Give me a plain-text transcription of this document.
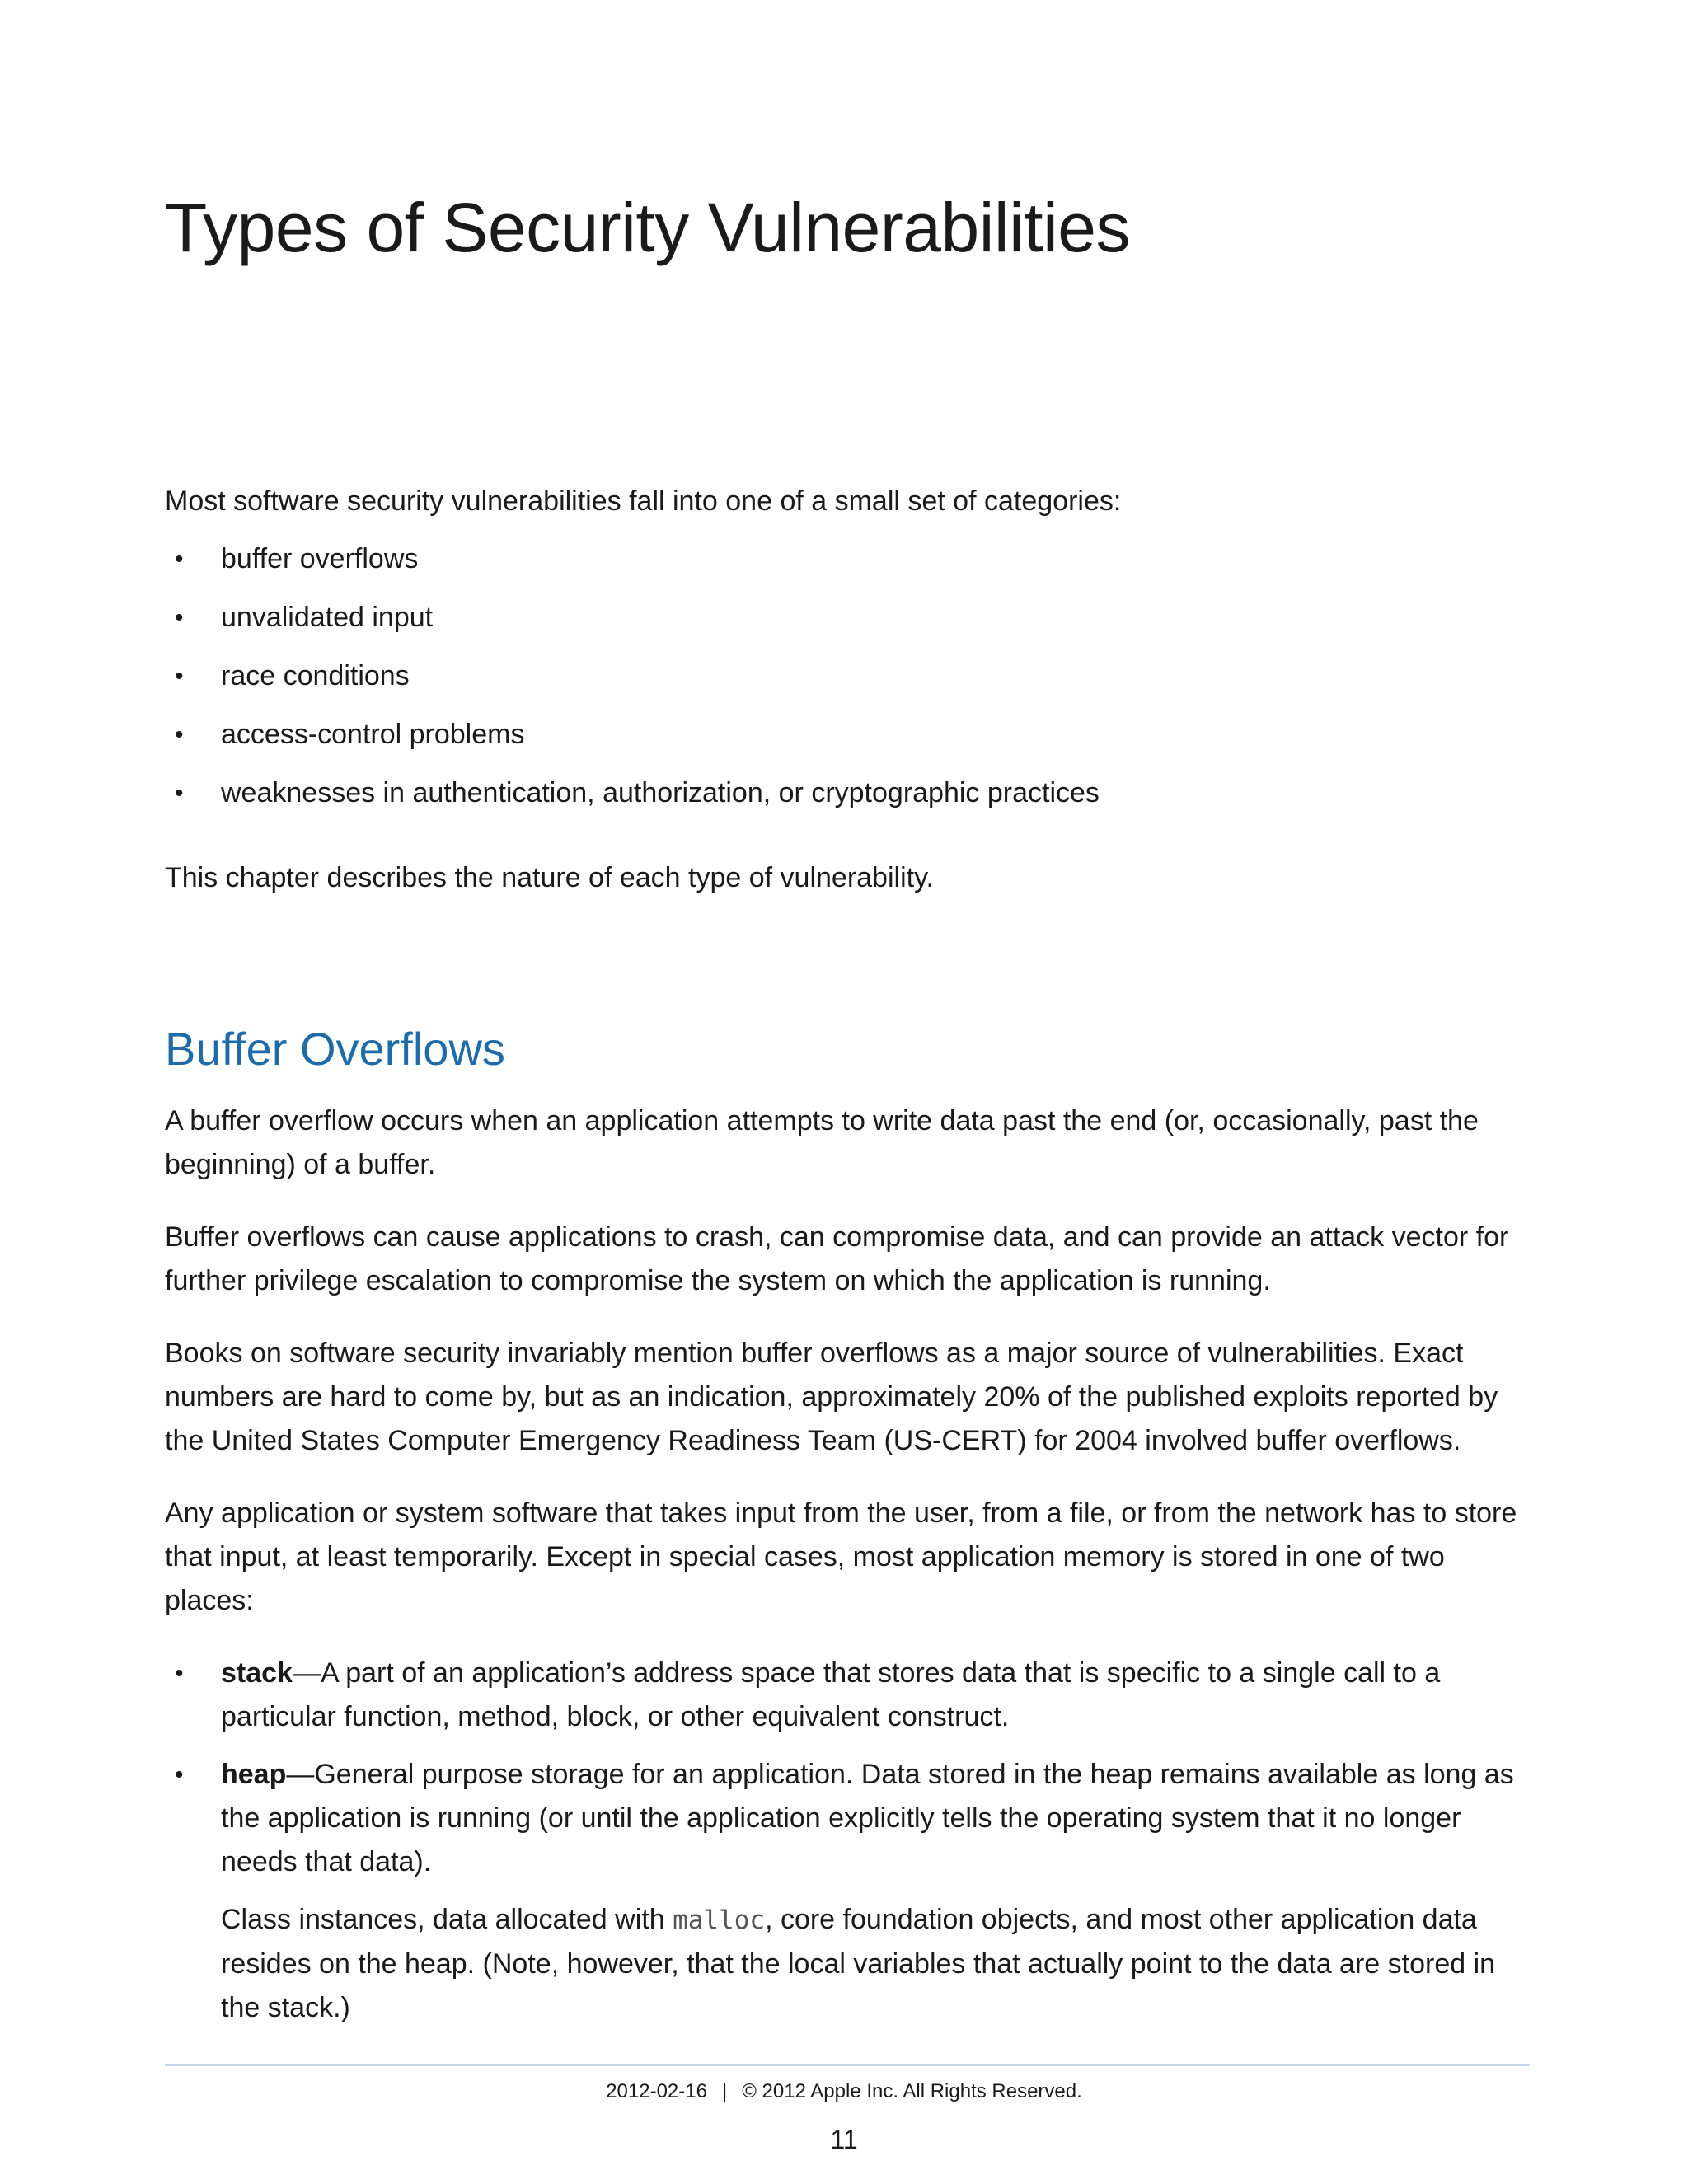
Types of Security Vulnerabilities

Most software security vulnerabilities fall into one of a small set of categories:

• buffer overflows
• unvalidated input
• race conditions
• access-control problems
• weaknesses in authentication, authorization, or cryptographic practices

This chapter describes the nature of each type of vulnerability.

Buffer Overflows

A buffer overflow occurs when an application attempts to write data past the end (or, occasionally, past the beginning) of a buffer.

Buffer overflows can cause applications to crash, can compromise data, and can provide an attack vector for further privilege escalation to compromise the system on which the application is running.

Books on software security invariably mention buffer overflows as a major source of vulnerabilities. Exact numbers are hard to come by, but as an indication, approximately 20% of the published exploits reported by the United States Computer Emergency Readiness Team (US-CERT) for 2004 involved buffer overflows.

Any application or system software that takes input from the user, from a file, or from the network has to store that input, at least temporarily. Except in special cases, most application memory is stored in one of two places:

• stack—A part of an application’s address space that stores data that is specific to a single call to a particular function, method, block, or other equivalent construct.

• heap—General purpose storage for an application. Data stored in the heap remains available as long as the application is running (or until the application explicitly tells the operating system that it no longer needs that data).

Class instances, data allocated with malloc, core foundation objects, and most other application data resides on the heap. (Note, however, that the local variables that actually point to the data are stored in the stack.)

2012-02-16 | © 2012 Apple Inc. All Rights Reserved.
11
